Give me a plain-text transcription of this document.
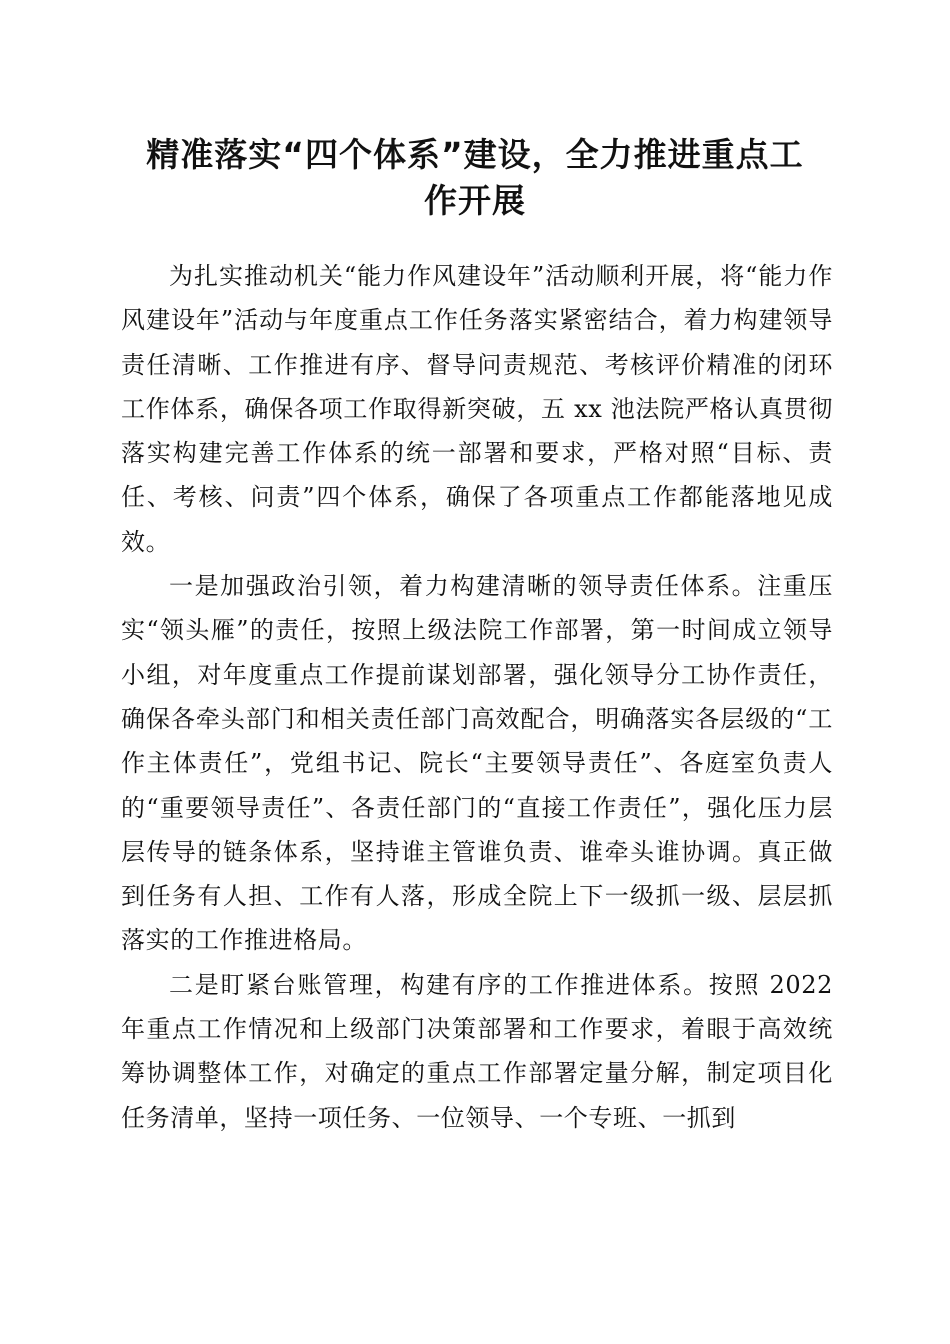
精准落实“四个体系”建设，全力推进重点工
作开展

为扎实推动机关“能力作风建设年”活动顺利开展，将“能力作风建设年”活动与年度重点工作任务落实紧密结合，着力构建领导责任清晰、工作推进有序、督导问责规范、考核评价精准的闭环工作体系，确保各项工作取得新突破，五 xx 池法院严格认真贯彻落实构建完善工作体系的统一部署和要求，严格对照“目标、责任、考核、问责”四个体系，确保了各项重点工作都能落地见成效。

一是加强政治引领，着力构建清晰的领导责任体系。注重压实“领头雁”的责任，按照上级法院工作部署，第一时间成立领导小组，对年度重点工作提前谋划部署，强化领导分工协作责任，确保各牵头部门和相关责任部门高效配合，明确落实各层级的“工作主体责任”，党组书记、院长“主要领导责任”、各庭室负责人的“重要领导责任”、各责任部门的“直接工作责任”，强化压力层层传导的链条体系，坚持谁主管谁负责、谁牵头谁协调。真正做到任务有人担、工作有人落，形成全院上下一级抓一级、层层抓落实的工作推进格局。

二是盯紧台账管理，构建有序的工作推进体系。按照 2022 年重点工作情况和上级部门决策部署和工作要求，着眼于高效统筹协调整体工作，对确定的重点工作部署定量分解，制定项目化任务清单，坚持一项任务、一位领导、一个专班、一抓到
